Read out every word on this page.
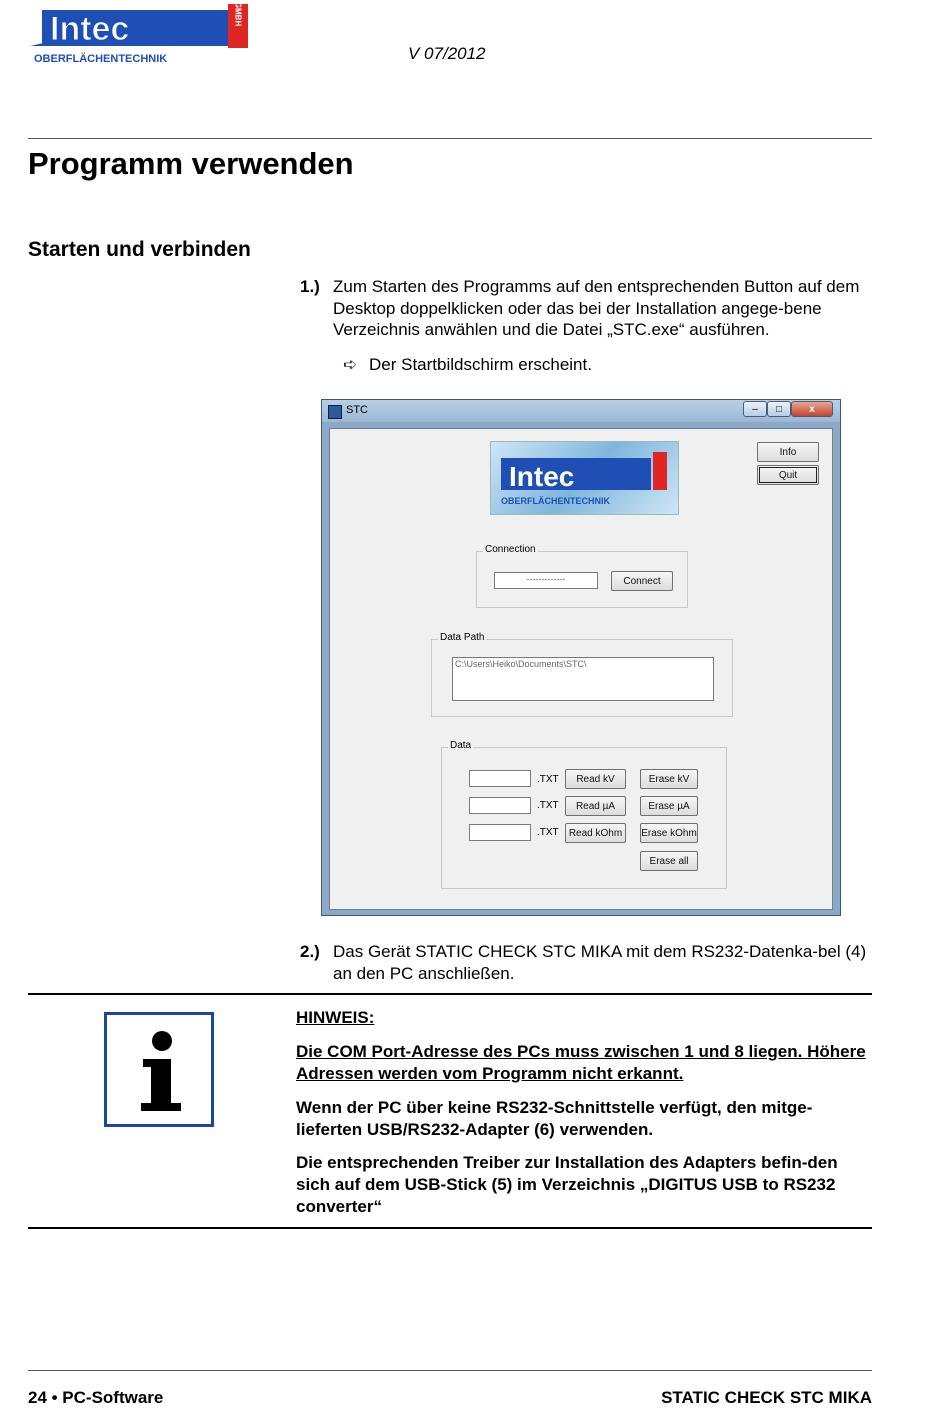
Intec	GMBH
OBERFLÄCHENTECHNIK	V 07/2012
Programm verwenden
Starten und verbinden
1.) Zum Starten des Programms auf den entsprechenden Button auf dem Desktop doppelklicken oder das bei der Installation angege-bene Verzeichnis anwählen und die Datei „STC.exe“ ausführen.
➪ Der Startbildschirm erscheint.
STC	–	□	x
Intec
OBERFLÄCHENTECHNIK
Info
Quit
Connection
-------------	Connect
Data Path
C:\Users\Heiko\Documents\STC\
Data
.TXT	Read kV	Erase kV
.TXT	Read µA	Erase µA
.TXT	Read kOhm	Erase kOhm
Erase all
2.) Das Gerät STATIC CHECK STC MIKA mit dem RS232-Datenka-bel (4) an den PC anschließen.
HINWEIS:
Die COM Port-Adresse des PCs muss zwischen 1 und 8 liegen. Höhere Adressen werden vom Programm nicht erkannt.
Wenn der PC über keine RS232-Schnittstelle verfügt, den mitge-lieferten USB/RS232-Adapter (6) verwenden.
Die entsprechenden Treiber zur Installation des Adapters befin-den sich auf dem USB-Stick (5) im Verzeichnis „DIGITUS USB to RS232 converter“
24 • PC-Software	STATIC CHECK STC MIKA
